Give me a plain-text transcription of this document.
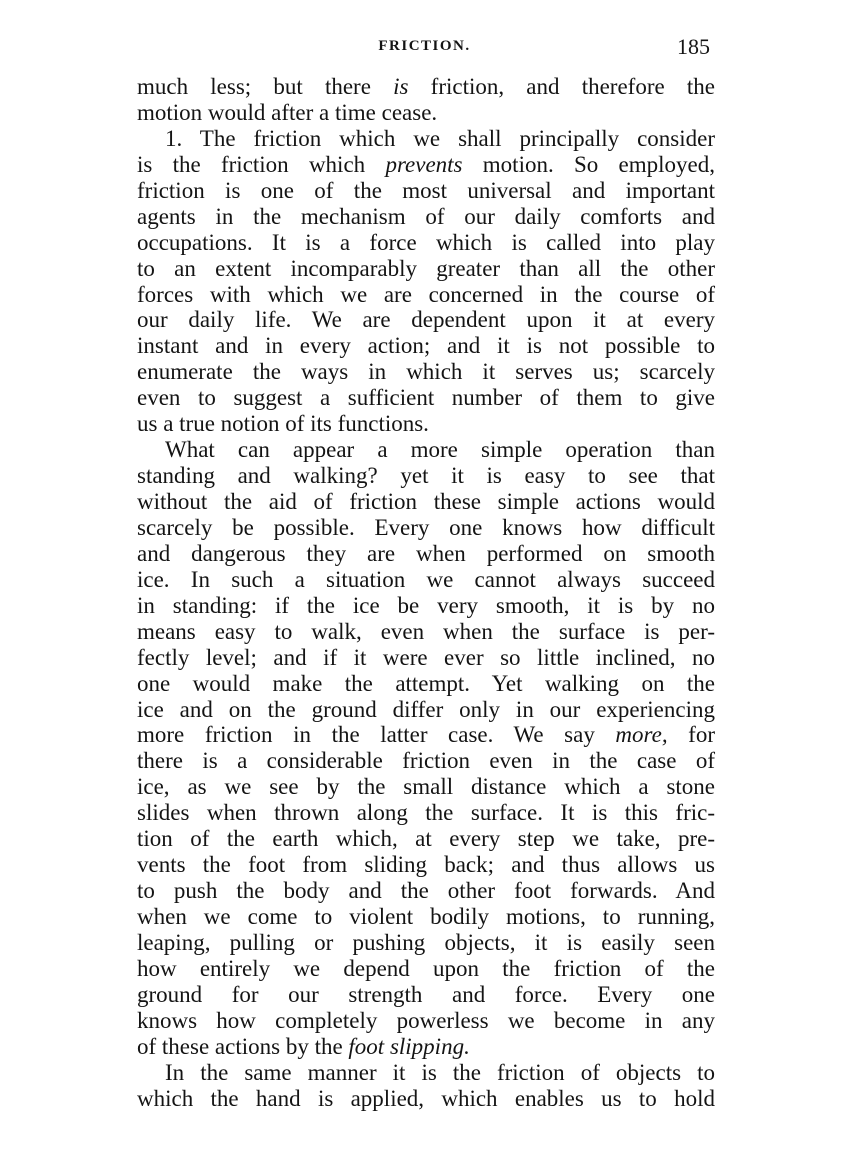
FRICTION.	185
much less; but there is friction, and therefore the
motion would after a time cease.
1. The friction which we shall principally consider
is the friction which prevents motion. So employed,
friction is one of the most universal and important
agents in the mechanism of our daily comforts and
occupations. It is a force which is called into play
to an extent incomparably greater than all the other
forces with which we are concerned in the course of
our daily life. We are dependent upon it at every
instant and in every action; and it is not possible to
enumerate the ways in which it serves us; scarcely
even to suggest a sufficient number of them to give
us a true notion of its functions.
What can appear a more simple operation than
standing and walking? yet it is easy to see that
without the aid of friction these simple actions would
scarcely be possible. Every one knows how difficult
and dangerous they are when performed on smooth
ice. In such a situation we cannot always succeed
in standing: if the ice be very smooth, it is by no
means easy to walk, even when the surface is per-
fectly level; and if it were ever so little inclined, no
one would make the attempt. Yet walking on the
ice and on the ground differ only in our experiencing
more friction in the latter case. We say more, for
there is a considerable friction even in the case of
ice, as we see by the small distance which a stone
slides when thrown along the surface. It is this fric-
tion of the earth which, at every step we take, pre-
vents the foot from sliding back; and thus allows us
to push the body and the other foot forwards. And
when we come to violent bodily motions, to running,
leaping, pulling or pushing objects, it is easily seen
how entirely we depend upon the friction of the
ground for our strength and force. Every one
knows how completely powerless we become in any
of these actions by the foot slipping.
In the same manner it is the friction of objects to
which the hand is applied, which enables us to hold
